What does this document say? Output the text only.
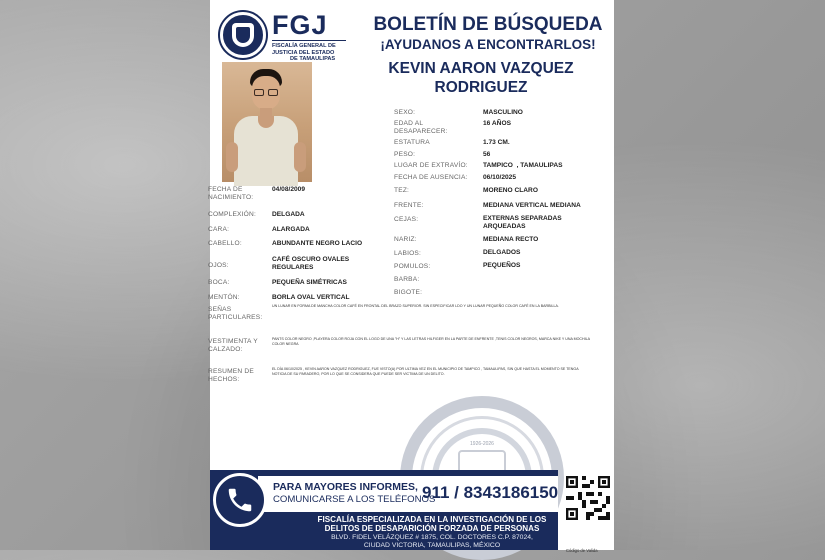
FGJ
FISCALÍA GENERAL DE
JUSTICIA DEL ESTADO
DE TAMAULIPAS
BOLETÍN DE BÚSQUEDA
¡AYUDANOS A ENCONTRARLOS!
KEVIN AARON VAZQUEZ
RODRIGUEZ
SEXO:	MASCULINO
EDAD AL DESAPARECER:
16 AÑOS
ESTATURA	1.73 CM.
PESO:	56
LUGAR DE EXTRAVÍO: TAMPICO  , TAMAULIPAS
FECHA DE AUSENCIA: 06/10/2025
TEZ:	MORENO CLARO
FRENTE:	MEDIANA VERTICAL MEDIANA
CEJAS:	EXTERNAS SEPARADAS ARQUEADAS
NARIZ:	MEDIANA RECTO
LABIOS:	DELGADOS
POMULOS:	PEQUEÑOS
BARBA:
BIGOTE:
FECHA DE NACIMIENTO:
04/08/2009
COMPLEXIÓN: DELGADA
CARA:	ALARGADA
CABELLO:	ABUNDANTE NEGRO LACIO
OJOS:
CAFÉ OSCURO OVALES REGULARES
BOCA:	PEQUEÑA SIMÉTRICAS
MENTÓN:	BORLA OVAL VERTICAL
SEÑAS PARTICULARES:
UN LUNAR EN FORMA DE MANCHA COLOR CAFÉ EN FRONTAL DEL BRAZO SUPERIOR. SIN ESPECIFICAR LDO Y UN LUNAR PEQUEÑO COLOR CAFÉ EN LA BARBILLA.
VESTIMENTA Y CALZADO:
PANTS COLOR NEGRO ,PLAYERA COLOR ROJA CON EL LOGO DE UNA "H" Y LAS LETRAS HILFIGER EN LA PARTE DE ENFRENTE ,TENIS COLOR NEGROS, MARCA NIKE Y UNA MOCHILA COLOR NEGRA
RESUMEN DE HECHOS:
EL DÍA 06/10/2025 , KEVIN AARON VAZQUEZ RODRIGUEZ, FUE VISTO(A) POR ULTIMA VEZ EN EL MUNICIPIO DE TAMPICO , TAMAULIPAS, SIN QUE HASTA EL MOMENTO SE TENGA NOTICIA DE SU PARADERO, POR LO QUE SE CONSIDERA QUE PUEDE SER VICTIMA DE UN DELITO.
1926-2026
PARA MAYORES INFORMES,
COMUNICARSE A LOS TELÉFONOS
911 / 8343186150
FISCALÍA ESPECIALIZADA EN LA INVESTIGACIÓN DE LOS
DELITOS DE DESAPARICIÓN FORZADA DE PERSONAS
BLVD. FIDEL VELÁZQUEZ # 1875, COL. DOCTORES C.P. 87024,
CIUDAD VICTORIA, TAMAULIPAS, MÉXICO
Código de Valida
